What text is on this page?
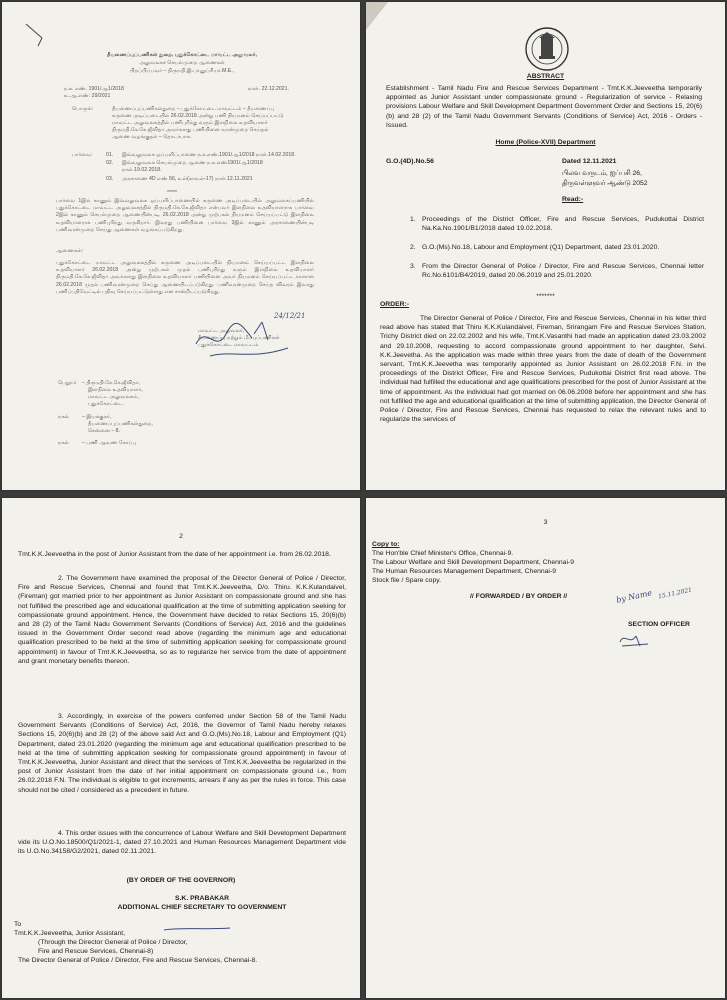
தீயணைப்புப்பணிகள் துறை, புதுக்கோட்டை மாவட்ட அலுவலர்,
அலுவலகச் செயல்முறை ஆணைகள்
பிறப்பிப்பவர் – திருமதி.இ.பானுப்ரியா.M.E.,
ந.க. எண். 1901/ஆ1/2018
உ.ஆ.எண்: 29/2021
நாள். 22.12.2021.
பொருள்:	தீயணைப்புப்பணிகள்துறை – புதுக்கோட்டை மாவட்டம் – தீயணைப்பு
கருணை அடிப்படையில் 26.02.2018 அன்று பணி நியமனம் செய்யப்பட்டு
மாவட்ட அலுவலகத்தில் பணிபுரிந்து வரும் இளநிலை உதவியாளர்
திருமதி.கே.கே.ஜீவிதா அவர்களது பணியினை வரன்முறை செய்தல்
ஆணை வழங்குதல் – தொடர்பாக.
பார்வை:	01. இவ்வலுவலக ஒப்பளிப்பாணை ந.க.எண்.1901/ஆ1/2018 நாள்.14.02.2018.
02. இவ்வலுவலக செயல்முறை ஆணை ந.க.எண்1901/ஆ1/2018
நாள்.19.02.2018.
03. அரசாணை 4D எண் 56, உள்(காவல்-17) நாள்.12.11.2021
*****
பார்வை 1இல் காணும் இவ்வலுவலக ஒப்பளிப்பாணையில் கருணை அடிப்படையில் அலுவலகப்பணியில் புதுக்கோட்டை மாவட்ட அலுவலகத்தில் திருமதி.கே.கே.ஜீவிதா என்பவர் இளநிலை உதவியாளராக பார்வை 2இல் காணும் செயல்முறை ஆணையின்படி, 26.02.2018 அன்று முற்பகல் நியமனம் செய்யப்பட்டு இளநிலை உதவியாளராக பணிபுரிந்து வருகிறார். இவரது பணியினை பார்வை 3இல் காணும் அரசாணையின்படி பணிவரன்முறை செய்து ஆணைகள் வழங்கப்படுகிறது.
ஆணைகள்:
புதுக்கோட்டை மாவட்ட அலுவலகத்தில் கருணை அடிப்படையில் நியமனம் செய்யப்பட்ட இளநிலை உதவியாளர் 26.02.2018 அன்று முற்பகல் முதல் பணிபுரிந்து வரும் இளநிலை உதவியாளர் திருமதி.கே.கே.ஜீவிதா அவர்களது இளநிலை உதவியாளர் பணியினை அவர் நியமனம் செய்யப்பட்ட நாளான 26.02.2018 முதல் பணிவரன்முறை செய்து ஆணையிடப்படுகிறது. பணிவரன்முறை செய்த விவரம் இவரது பணிப்பதிவேட்டில் பதிவு செய்யப்பட்டுள்ளது என சான்றிடப்படுகிறது.
மாவட்ட அலுவலர்,
தீயணைப்பு மற்றும் மீட்புப்பணிகள்
புதுக்கோட்டை மாவட்டம்
24/12/21
பெறுநர் – திருமதி.கே.கே.ஜீவிதா,
இளநிலை உதவியாளர்,
மாவட்ட அலுவலகம்,
புதுக்கோட்டை.
நகல்	– இயக்குநர்,
தீயணைப்புப்பணிகள்துறை,
சென்னை – 8.
நகல்	– பணி ஆவண கோப்பு
ABSTRACT
Establishment - Tamil Nadu Fire and Rescue Services Department - Tmt.K.K.Jeeveetha temporarily appointed as Junior Assistant under compassionate ground - Regularization of service - Relaxing provisions Labour Welfare and Skill Development Department Government Order and Sections 15, 20(6)(b) and 28 (2) of the Tamil Nadu Government Servants (Conditions of Service) Act, 2016 - Orders - Issued.
Home (Police-XVII) Department
G.O.(4D).No.56	Dated 12.11.2021
பிலவ வருடம், ஐப்பசி 26,
திருவள்ளுவர் ஆண்டு 2052
Read:-
1. Proceedings of the District Officer, Fire and Rescue Services, Pudukottai District Na.Ka.No.1901/B1/2018 dated 19.02.2018.
2. G.O.(Ms).No.18, Labour and Employment (Q1) Department, dated 23.01.2020.
3. From the Director General of Police / Director, Fire and Rescue Services, Chennai letter Rc.No.6101/B4/2019, dated 20.06.2019 and 25.01.2020.
*******
ORDER:-
The Director General of Police / Director, Fire and Rescue Services, Chennai in his letter third read above has stated that Thiru K.K.Kulandaivel, Fireman, Srirangam Fire and Rescue Services Station, Trichy District died on 22.02.2002 and his wife, Tmt.K.Vasanthi had made an application dated 23.03.2002 and 29.10.2008, requesting to accord compassionate ground appointment to her daughter, Selvi. K.K.Jeevetha. As the application was made within three years from the date of death of the Government servant, Tmt.K.K.Jeevetha was temporarily appointed as Junior Assistant on 26.02.2018 F.N. in the proceedings of the District Officer, Fire and Rescue Services, Pudukottai District first read above. The individual had fulfilled the educational and age qualifications prescribed for the post of Junior Assistant at the time of appointment. As the individual had got married on 06.06.2008 before her appointment and she has not fulfilled the age and educational qualification at the time of submitting application, the Director General of Police / Director, Fire and Rescue Services, Chennai has requested to relax the relevant rules and to regularize the services of
2
Tmt.K.K.Jeeveetha in the post of Junior Assistant from the date of her appointment i.e. from 26.02.2018.
2. The Government have examined the proposal of the Director General of Police / Director, Fire and Rescue Services, Chennai and found that Tmt.K.K.Jeeveetha, D/o. Thiru. K.K.Kulandaivel, (Fireman) got married prior to her appointment as Junior Assistant on compassionate ground and she has not fulfilled the prescribed age and educational qualification at the time of submitting application seeking for compassionate ground appointment. Hence, the Government have decided to relax Sections 15, 20(6)(b) and 28 (2) of the Tamil Nadu Government Servants (Conditions of Service) Act, 2016 and the guidelines issued in the Government Order second read above (regarding the minimum age and educational qualification prescribed to be held at the time of submitting application seeking for compassionate ground appointment) in favour of Tmt.K.K.Jeeveetha, so as to regularize her service from the date of appointment and grant monetary benefits thereon.
3. Accordingly, in exercise of the powers conferred under Section 58 of the Tamil Nadu Government Servants (Conditions of Service) Act, 2016, the Governor of Tamil Nadu hereby relaxes Sections 15, 20(6)(b) and 28 (2) of the above said Act and G.O.(Ms).No.18, Labour and Employment (Q1) Department, dated 23.01.2020 (regarding the minimum age and educational qualification prescribed to be held at the time of submitting application seeking for compassionate ground appointment) in favour of Tmt.K.K.Jeeveetha, Junior Assistant and direct that the services of Tmt.K.K.Jeeveetha be regularized in the post of Junior Assistant from the date of her initial appointment on compassionate ground i.e., from 26.02.2018 F.N. The individual is eligible to get increments, arrears if any as per the rules in force. This case should not be cited / considered as a precedent in future.
4. This order issues with the concurrence of Labour Welfare and Skill Development Department vide its U.O.No.18500/Q1/2021-1, dated 27.10.2021 and Human Resources Management Department vide its U.O.No.34158/G2/2021, dated 02.11.2021.
(BY ORDER OF THE GOVERNOR)
S.K. PRABAKAR
ADDITIONAL CHIEF SECRETARY TO GOVERNMENT
To
Tmt.K.K.Jeeveetha, Junior Assistant,
(Through the Director General of Police / Director,
Fire and Rescue Services, Chennai-8)
The Director General of Police / Director, Fire and Rescue Services, Chennai-8.
3
Copy to:
The Hon'ble Chief Minister's Office, Chennai-9.
The Labour Welfare and Skill Development Department, Chennai-9
The Human Resources Management Department, Chennai-9
Stock file / Spare copy.
// FORWARDED / BY ORDER //	by Name 15.11.2021
SECTION OFFICER
